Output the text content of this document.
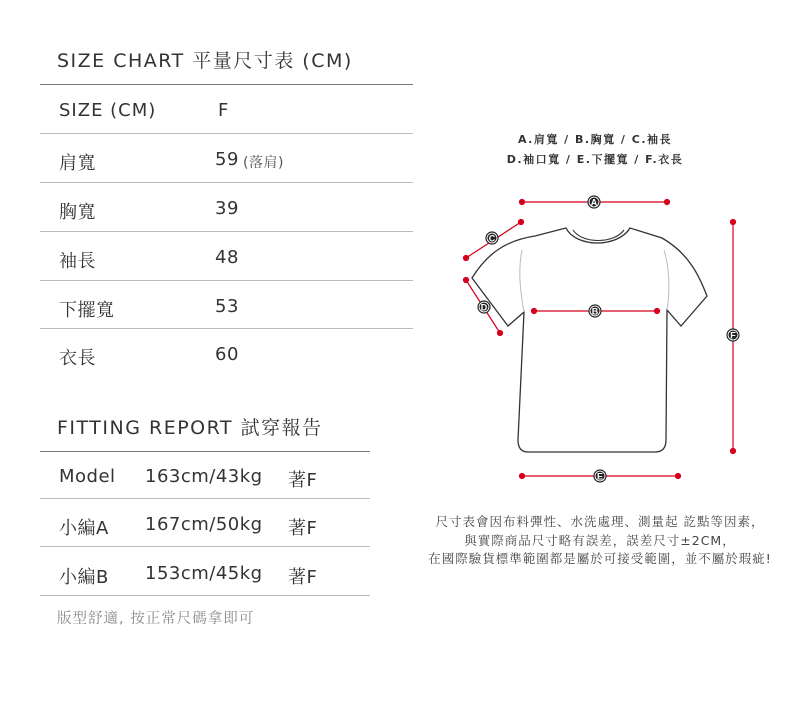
SIZE CHART 平量尺寸表 (CM)
SIZE (CM)	F
肩寬	59 (落肩)
胸寬	39
袖長	48
下擺寬	53
衣長	60
FITTING REPORT 試穿報告
Model 163cm/43kg 著F
小編A 167cm/50kg 著F
小編B 153cm/45kg 著F
版型舒適, 按正常尺碼拿即可
A.肩寬 / B.胸寬 / C.袖長
D.袖口寬 / E.下擺寬 / F.衣長
A
C
D	B
E
F
尺寸表會因布料彈性、水洗處理、測量起 訖點等因素，
與實際商品尺寸略有誤差，誤差尺寸±2CM，
在國際驗貨標準範圍都是屬於可接受範圍，並不屬於瑕疵!
